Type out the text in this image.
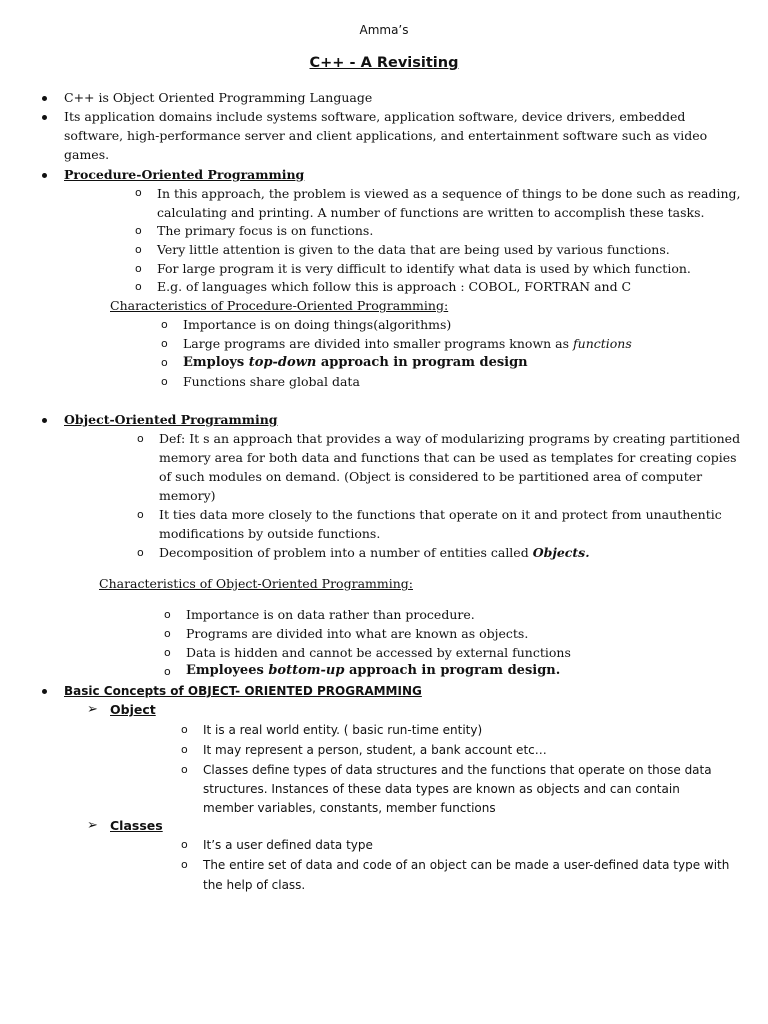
Amma’s
C++ - A Revisiting
C++ is Object Oriented Programming Language
Its application domains include systems software, application software, device drivers, embedded
software, high-performance server and client applications, and entertainment software such as video
games.
Procedure-Oriented Programming
o In this approach, the problem is viewed as a sequence of things to be done such as reading,
calculating and printing. A number of functions are written to accomplish these tasks.
o The primary focus is on functions.
o Very little attention is given to the data that are being used by various functions.
o For large program it is very difficult to identify what data is used by which function.
o E.g. of languages which follow this is approach : COBOL, FORTRAN and C
Characteristics of Procedure-Oriented Programming:
o Importance is on doing things(algorithms)
o Large programs are divided into smaller programs known as functions
o Employs top-down approach in program design
o Functions share global data
Object-Oriented Programming
o Def: It s an approach that provides a way of modularizing programs by creating partitioned
memory area for both data and functions that can be used as templates for creating copies
of such modules on demand. (Object is considered to be partitioned area of computer
memory)
o It ties data more closely to the functions that operate on it and protect from unauthentic
modifications by outside functions.
o Decomposition of problem into a number of entities called Objects.
Characteristics of Object-Oriented Programming:
o Importance is on data rather than procedure.
o Programs are divided into what are known as objects.
o Data is hidden and cannot be accessed by external functions
o Employees bottom-up approach in program design.
Basic Concepts of OBJECT- ORIENTED PROGRAMMING
➢ Object
o It is a real world entity. ( basic run-time entity)
o It may represent a person, student, a bank account etc…
o Classes define types of data structures and the functions that operate on those data
structures. Instances of these data types are known as objects and can contain
member variables, constants, member functions
➢ Classes
o It’s a user defined data type
o The entire set of data and code of an object can be made a user-defined data type with
the help of class.
